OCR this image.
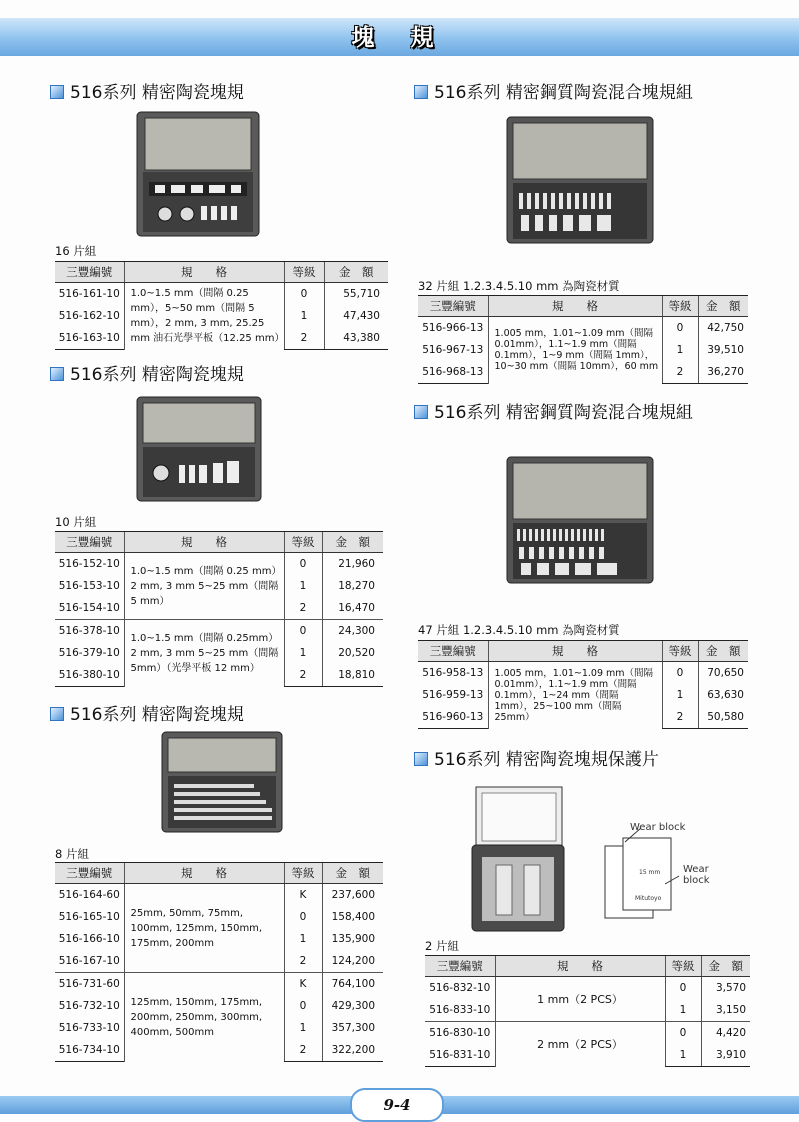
塊 規
9-4
516系列 精密陶瓷塊規
16 片組
三豐編號	規　　格	等級	金　額
516-161-10	1.0~1.5 mm（間隔 0.25 mm），5~50 mm（間隔 5 mm），2 mm, 3 mm, 25.25 mm 油石光學平板（12.25 mm）	0	55,710
516-162-10		1	47,430
516-163-10		2	43,380
516系列 精密陶瓷塊規
10 片組
三豐編號	規　　格	等級	金　額
516-152-10	1.0~1.5 mm（間隔 0.25 mm）2 mm, 3 mm 5~25 mm（間隔 5 mm）	0	21,960
516-153-10		1	18,270
516-154-10		2	16,470
516-378-10	1.0~1.5 mm（間隔 0.25mm）2 mm, 3 mm 5~25 mm（間隔 5mm）（光學平板 12 mm）	0	24,300
516-379-10		1	20,520
516-380-10		2	18,810
516系列 精密陶瓷塊規
8 片組
三豐編號	規　　格	等級	金　額
516-164-60	25mm, 50mm, 75mm, 100mm, 125mm, 150mm, 175mm, 200mm	K	237,600
516-165-10		0	158,400
516-166-10		1	135,900
516-167-10		2	124,200
516-731-60	125mm, 150mm, 175mm, 200mm, 250mm, 300mm, 400mm, 500mm	K	764,100
516-732-10		0	429,300
516-733-10		1	357,300
516-734-10		2	322,200
516系列 精密鋼質陶瓷混合塊規組
32 片組 1.2.3.4.5.10 mm 為陶瓷材質
三豐編號	規　　格	等級	金　額
516-966-13	1.005 mm，1.01~1.09 mm（間隔 0.01mm），1.1~1.9 mm（間隔 0.1mm），1~9 mm（間隔 1mm），10~30 mm（間隔 10mm），60 mm	0	42,750
516-967-13		1	39,510
516-968-13		2	36,270
516系列 精密鋼質陶瓷混合塊規組
47 片組 1.2.3.4.5.10 mm 為陶瓷材質
三豐編號	規　　格	等級	金　額
516-958-13	1.005 mm，1.01~1.09 mm（間隔 0.01mm），1.1~1.9 mm（間隔 0.1mm），1~24 mm（間隔 1mm），25~100 mm（間隔 25mm）	0	70,650
516-959-13		1	63,630
516-960-13		2	50,580
516系列 精密陶瓷塊規保護片
15 mm
Mitutoyo
Wear block
Wear block
2 片組
三豐編號	規　　格	等級	金　額
516-832-10	1 mm（2 PCS）	0	3,570
516-833-10		1	3,150
516-830-10	2 mm（2 PCS）	0	4,420
516-831-10		1	3,910
